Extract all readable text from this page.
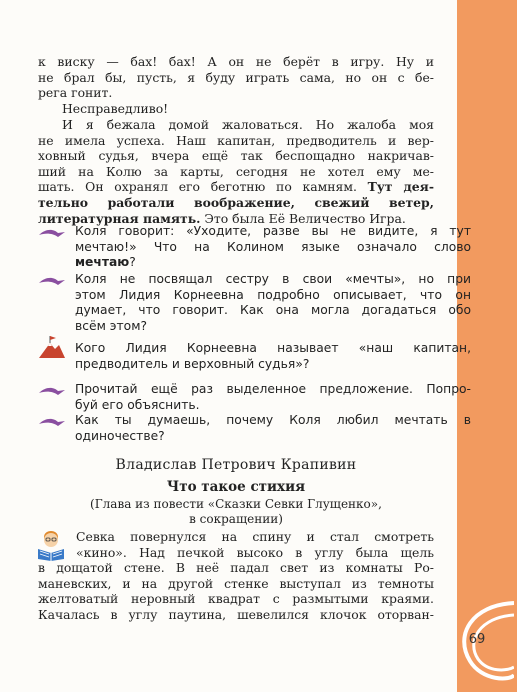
69
к виску — бах! бах! А он не берёт в игру. Ну и
не брал бы, пусть, я буду играть сама, но он с бе-
рега гонит.
Несправедливо!
И я бежала домой жаловаться. Но жалоба моя
не имела успеха. Наш капитан, предводитель и вер-
ховный судья, вчера ещё так беспощадно накричав-
ший на Колю за карты, сегодня не хотел ему ме-
шать. Он охранял его беготню по камням. Тут дея-
тельно работали воображение, свежий ветер,
литературная память. Это была Её Величество Игра.
Коля говорит: «Уходите, разве вы не видите, я тут
мечтаю!» Что на Колином языке означало слово
мечтаю?
Коля не посвящал сестру в свои «мечты», но при
этом Лидия Корнеевна подробно описывает, что он
думает, что говорит. Как она могла догадаться обо
всём этом?
Кого Лидия Корнеевна называет «наш капитан,
предводитель и верховный судья»?
Прочитай ещё раз выделенное предложение. Попро-
буй его объяснить.
Как ты думаешь, почему Коля любил мечтать в
одиночестве?
Владислав Петрович Крапивин
Что такое стихия
(Глава из повести «Сказки Севки Глущенко»,
в сокращении)
Севка повернулся на спину и стал смотреть
«кино». Над печкой высоко в углу была щель
в дощатой стене. В неё падал свет из комнаты Ро-
маневских, и на другой стенке выступал из темноты
желтоватый неровный квадрат с размытыми краями.
Качалась в углу паутина, шевелился клочок оторван-
